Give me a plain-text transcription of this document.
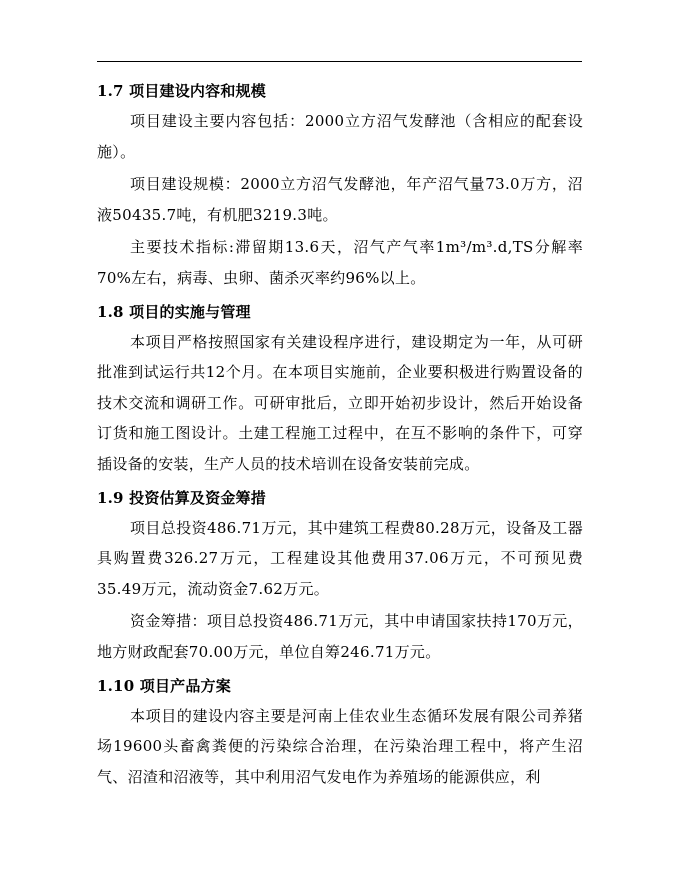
1.7 项目建设内容和规模

项目建设主要内容包括：2000立方沼气发酵池（含相应的配套设施）。

项目建设规模：2000立方沼气发酵池，年产沼气量73.0万方，沼液50435.7吨，有机肥3219.3吨。

主要技术指标:滞留期13.6天，沼气产气率1m³/m³.d,TS分解率70%左右，病毒、虫卵、菌杀灭率约96%以上。

1.8 项目的实施与管理

本项目严格按照国家有关建设程序进行，建设期定为一年，从可研批准到试运行共12个月。在本项目实施前，企业要积极进行购置设备的技术交流和调研工作。可研审批后，立即开始初步设计，然后开始设备订货和施工图设计。土建工程施工过程中，在互不影响的条件下，可穿插设备的安装，生产人员的技术培训在设备安装前完成。

1.9 投资估算及资金筹措

项目总投资486.71万元，其中建筑工程费80.28万元，设备及工器具购置费326.27万元，工程建设其他费用37.06万元，不可预见费35.49万元，流动资金7.62万元。

资金筹措：项目总投资486.71万元，其中申请国家扶持170万元，地方财政配套70.00万元，单位自筹246.71万元。

1.10 项目产品方案

本项目的建设内容主要是河南上佳农业生态循环发展有限公司养猪场19600头畜禽粪便的污染综合治理，在污染治理工程中，将产生沼气、沼渣和沼液等，其中利用沼气发电作为养殖场的能源供应，利
